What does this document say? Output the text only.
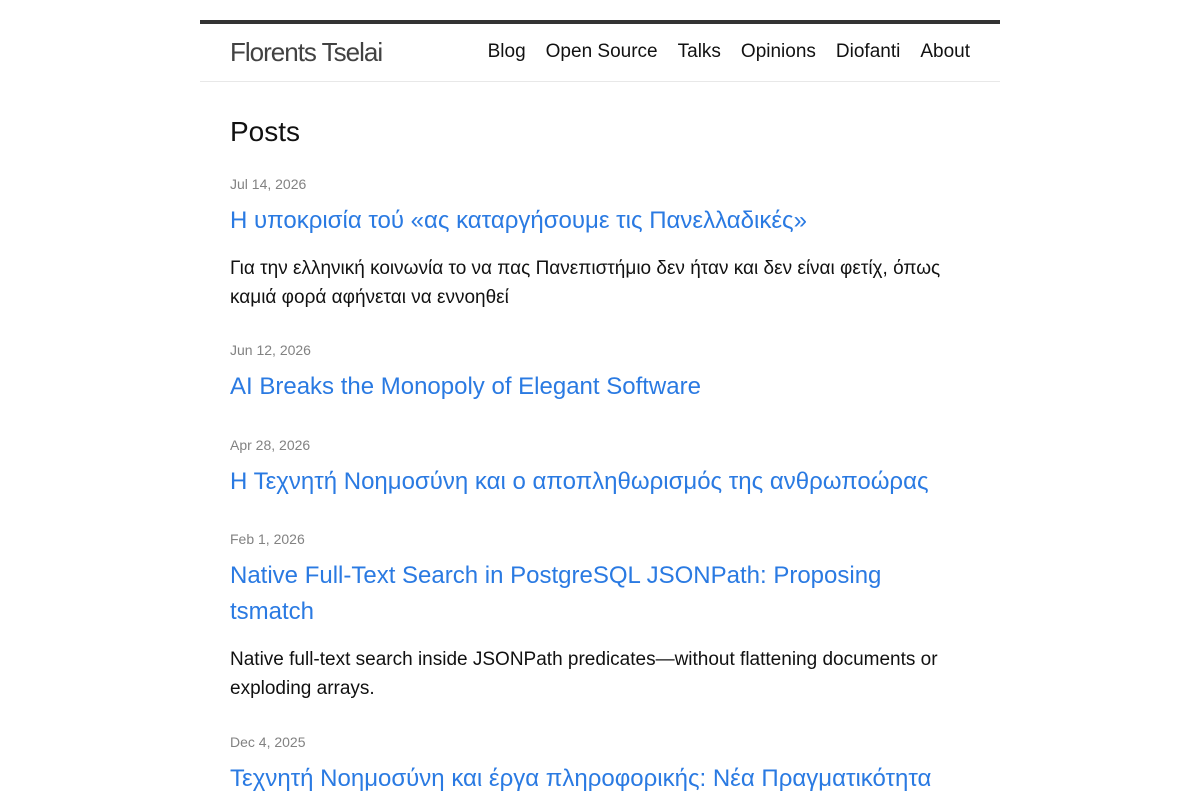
Florents Tselai	Blog Open Source Talks Opinions Diofanti About
Posts
Jul 14, 2026
Η υποκρισία τού «ας καταργήσουμε τις Πανελλαδικές»

Για την ελληνική κοινωνία το να πας Πανεπιστήμιο δεν ήταν και δεν είναι φετίχ, όπως καμιά φορά αφήνεται να εννοηθεί

Jun 12, 2026
AI Breaks the Monopoly of Elegant Software
Apr 28, 2026
Η Τεχνητή Νοημοσύνη και ο αποπληθωρισμός της ανθρωποώρας
Feb 1, 2026
Native Full-Text Search in PostgreSQL JSONPath: Proposing tsmatch

Native full-text search inside JSONPath predicates—without flattening documents or exploding arrays.

Dec 4, 2025
Τεχνητή Νοημοσύνη και έργα πληροφορικής: Νέα Πραγματικότητα
